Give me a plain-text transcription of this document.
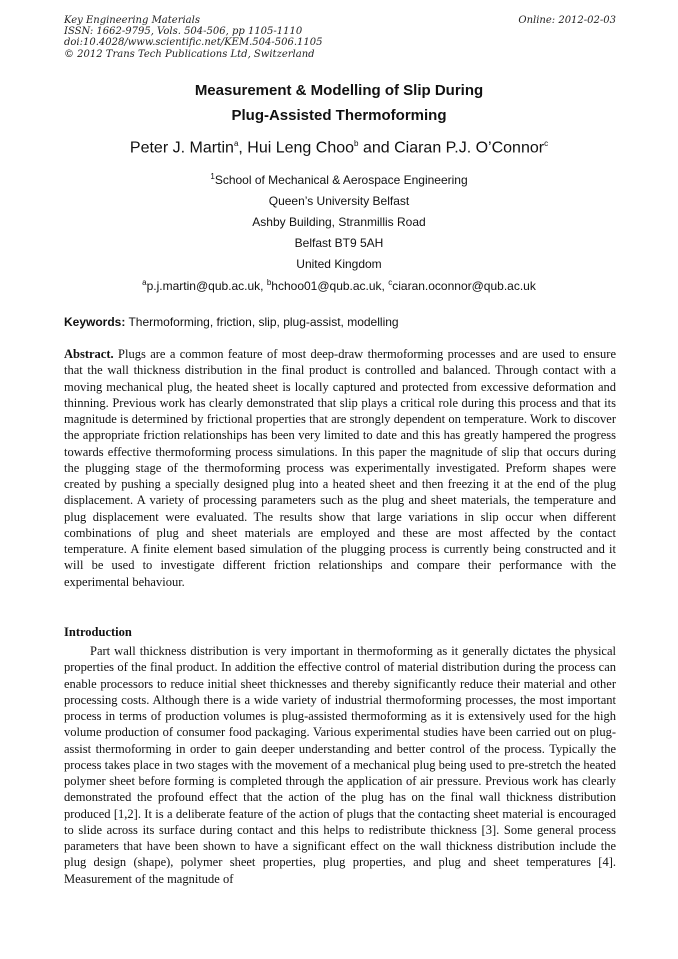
Key Engineering Materials
ISSN: 1662-9795, Vols. 504-506, pp 1105-1110
doi:10.4028/www.scientific.net/KEM.504-506.1105
© 2012 Trans Tech Publications Ltd, Switzerland
Online: 2012-02-03
Measurement & Modelling of Slip During
Plug-Assisted Thermoforming
Peter J. Martin$^a$, Hui Leng Choo$^b$ and Ciaran P.J. O’Connor$^c$
$^1$School of Mechanical & Aerospace Engineering
Queen’s University Belfast
Ashby Building, Stranmillis Road
Belfast BT9 5AH
United Kingdom
$^a$p.j.martin@qub.ac.uk, $^b$hchoo01@qub.ac.uk, $^c$ciaran.oconnor@qub.ac.uk
Keywords: Thermoforming, friction, slip, plug-assist, modelling
Abstract. Plugs are a common feature of most deep-draw thermoforming processes and are used to ensure that the wall thickness distribution in the final product is controlled and balanced. Through contact with a moving mechanical plug, the heated sheet is locally captured and protected from excessive deformation and thinning. Previous work has clearly demonstrated that slip plays a critical role during this process and that its magnitude is determined by frictional properties that are strongly dependent on temperature. Work to discover the appropriate friction relationships has been very limited to date and this has greatly hampered the progress towards effective thermoforming process simulations. In this paper the magnitude of slip that occurs during the plugging stage of the thermoforming process was experimentally investigated. Preform shapes were created by pushing a specially designed plug into a heated sheet and then freezing it at the end of the plug displacement. A variety of processing parameters such as the plug and sheet materials, the temperature and plug displacement were evaluated. The results show that large variations in slip occur when different combinations of plug and sheet materials are employed and these are most affected by the contact temperature. A finite element based simulation of the plugging process is currently being constructed and it will be used to investigate different friction relationships and compare their performance with the experimental behaviour.
Introduction
Part wall thickness distribution is very important in thermoforming as it generally dictates the physical properties of the final product. In addition the effective control of material distribution during the process can enable processors to reduce initial sheet thicknesses and thereby significantly reduce their material and other processing costs. Although there is a wide variety of industrial thermoforming processes, the most important process in terms of production volumes is plug-assisted thermoforming as it is extensively used for the high volume production of consumer food packaging. Various experimental studies have been carried out on plug-assist thermoforming in order to gain deeper understanding and better control of the process. Typically the process takes place in two stages with the movement of a mechanical plug being used to pre-stretch the heated polymer sheet before forming is completed through the application of air pressure. Previous work has clearly demonstrated the profound effect that the action of the plug has on the final wall thickness distribution produced [1,2]. It is a deliberate feature of the action of plugs that the contacting sheet material is encouraged to slide across its surface during contact and this helps to redistribute thickness [3]. Some general process parameters that have been shown to have a significant effect on the wall thickness distribution include the plug design (shape), polymer sheet properties, plug properties, and plug and sheet temperatures [4]. Measurement of the magnitude of
